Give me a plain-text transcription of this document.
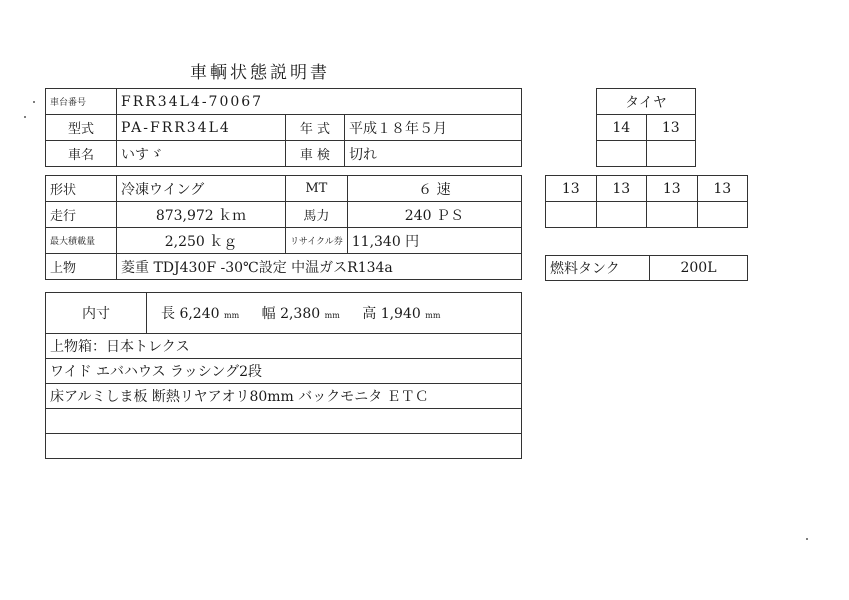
車輌状態説明書
車台番号	FRR34L4-70067		
型式	PA-FRR34L4	年 式	平成１８年５月
車名	いすゞ	車 検	切れ
形状	冷凍ウイング	MT	６ 速
走行	873,972 ｋｍ	馬力	240 ＰＳ
最大積載量	2,250 ｋｇ	リサイクル券	11,340 円
上物	菱重 TDJ430F -30℃設定 中温ガスR134a		
内寸	長 6,240 mm 幅 2,380 mm 高 1,940 mm
上物箱：日本トレクス
ワイド エバハウス ラッシング2段
床アルミしま板 断熱リヤアオリ80mm バックモニタ ＥＴＣ

タイヤ	
14	13

13	13	13	13

燃料タンク	200L
